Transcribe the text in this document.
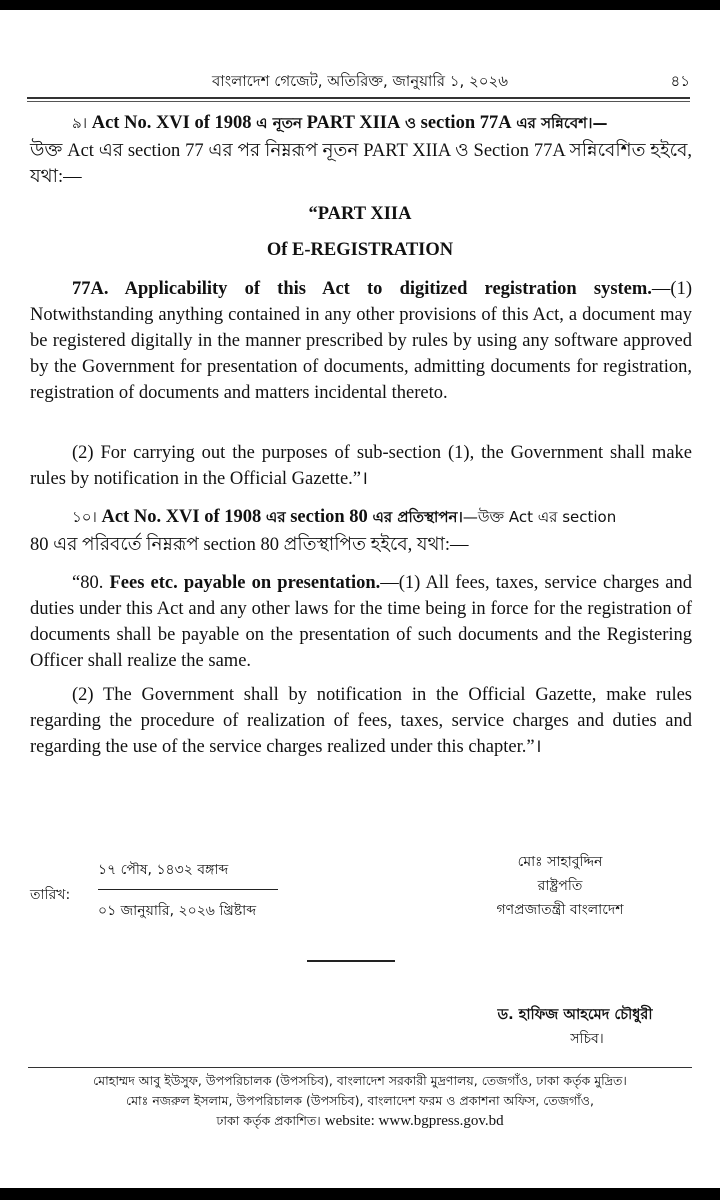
বাংলাদেশ গেজেট, অতিরিক্ত, জানুয়ারি ১, ২০২৬	৪১
৯। Act No. XVI of 1908 এ নূতন PART XIIA ও section 77A এর সন্নিবেশ।—
উক্ত Act এর section 77 এর পর নিম্নরূপ নূতন PART XIIA ও Section 77A সন্নিবেশিত হইবে, যথা:—
“PART XIIA
Of E-REGISTRATION
77A. Applicability of this Act to digitized registration system.—(1) Notwithstanding anything contained in any other provisions of this Act, a document may be registered digitally in the manner prescribed by rules by using any software approved by the Government for presentation of documents, admitting documents for registration, registration of documents and matters incidental thereto.
(2) For carrying out the purposes of sub-section (1), the Government shall make rules by notification in the Official Gazette.”।
১০। Act No. XVI of 1908 এর section 80 এর প্রতিস্থাপন।—উক্ত Act এর section
80 এর পরিবর্তে নিম্নরূপ section 80 প্রতিস্থাপিত হইবে, যথা:—
“80. Fees etc. payable on presentation.—(1) All fees, taxes, service charges and duties under this Act and any other laws for the time being in force for the registration of documents shall be payable on the presentation of such documents and the Registering Officer shall realize the same.
(2) The Government shall by notification in the Official Gazette, make rules regarding the procedure of realization of fees, taxes, service charges and duties and regarding the use of the service charges realized under this chapter.”।
তারিখ:
১৭ পৌষ, ১৪৩২ বঙ্গাব্দ
০১ জানুয়ারি, ২০২৬ খ্রিষ্টাব্দ
মোঃ সাহাবুদ্দিন
রাষ্ট্রপতি
গণপ্রজাতন্ত্রী বাংলাদেশ
ড. হাফিজ আহমেদ চৌধুরী
সচিব।
মোহাম্মদ আবু ইউসুফ, উপপরিচালক (উপসচিব), বাংলাদেশ সরকারী মুদ্রণালয়, তেজগাঁও, ঢাকা কর্তৃক মুদ্রিত।
মোঃ নজরুল ইসলাম, উপপরিচালক (উপসচিব), বাংলাদেশ ফরম ও প্রকাশনা অফিস, তেজগাঁও,
ঢাকা কর্তৃক প্রকাশিত। website: www.bgpress.gov.bd
